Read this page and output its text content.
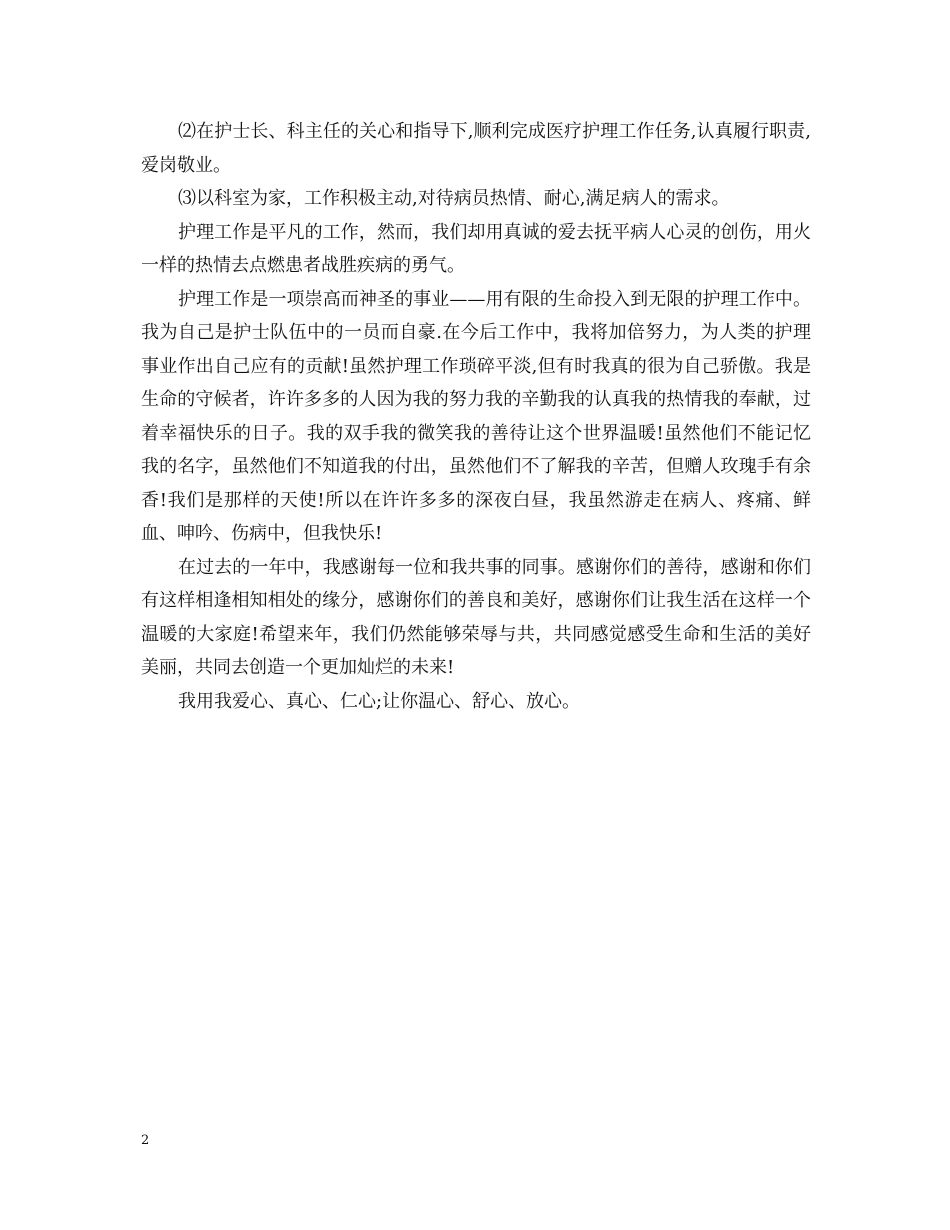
⑵在护士长、科主任的关心和指导下,顺利完成医疗护理工作任务,认真履行职责,爱岗敬业。

⑶以科室为家，工作积极主动,对待病员热情、耐心,满足病人的需求。

护理工作是平凡的工作，然而，我们却用真诚的爱去抚平病人心灵的创伤，用火一样的热情去点燃患者战胜疾病的勇气。

护理工作是一项崇高而神圣的事业——用有限的生命投入到无限的护理工作中。我为自己是护士队伍中的一员而自豪.在今后工作中，我将加倍努力，为人类的护理事业作出自己应有的贡献!虽然护理工作琐碎平淡,但有时我真的很为自己骄傲。我是生命的守候者，许许多多的人因为我的努力我的辛勤我的认真我的热情我的奉献，过着幸福快乐的日子。我的双手我的微笑我的善待让这个世界温暖!虽然他们不能记忆我的名字，虽然他们不知道我的付出，虽然他们不了解我的辛苦，但赠人玫瑰手有余香!我们是那样的天使!所以在许许多多的深夜白昼，我虽然游走在病人、疼痛、鲜血、呻吟、伤病中，但我快乐!

在过去的一年中，我感谢每一位和我共事的同事。感谢你们的善待，感谢和你们有这样相逢相知相处的缘分，感谢你们的善良和美好，感谢你们让我生活在这样一个温暖的大家庭!希望来年，我们仍然能够荣辱与共，共同感觉感受生命和生活的美好美丽，共同去创造一个更加灿烂的未来!

我用我爱心、真心、仁心;让你温心、舒心、放心。

2
